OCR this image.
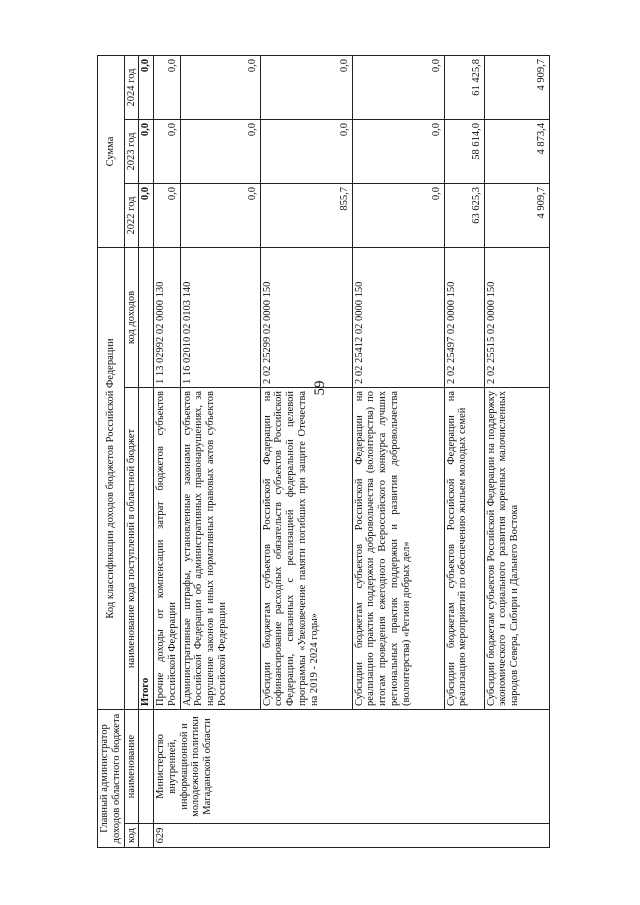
59
Главный администратор доходов областного бюджета		Код классификации доходов бюджетов Российской Федерации		Сумма		
код	наименование	наименование кода поступлений в областной бюджет	код доходов	2022 год	2023 год	2024 год
		Итого		0,0	0,0	0,0
629	Министерство внутренней, информационной и молодежной политики Магаданской области	Прочие доходы от компенсации затрат бюджетов субъектов Российской Федерации	1 13 02992 02 0000 130	0,0	0,0	0,0
		Административные штрафы, установленные законами субъектов Российской Федерации об административных правонарушениях, за нарушение законов и иных нормативных правовых актов субъектов Российской Федерации	1 16 02010 02 0103 140	0,0	0,0	0,0
		Субсидии бюджетам субъектов Российской Федерации на софинансирование расходных обязательств субъектов Российской Федерации, связанных с реализацией федеральной целевой программы «Увековечение памяти погибших при защите Отечества на 2019 - 2024 годы»	2 02 25299 02 0000 150	855,7	0,0	0,0
		Субсидии бюджетам субъектов Российской Федерации на реализацию практик поддержки добровольчества (волонтерства) по итогам проведения ежегодного Всероссийского конкурса лучших региональных практик поддержки и развития добровольчества (волонтерства) «Регион добрых дел»	2 02 25412 02 0000 150	0,0	0,0	0,0
		Субсидии бюджетам субъектов Российской Федерации на реализацию мероприятий по обеспечению жильем молодых семей	2 02 25497 02 0000 150	63 625,3	58 614,0	61 425,8
		Субсидии бюджетам субъектов Российской Федерации на поддержку экономического и социального развития коренных малочисленных народов Севера, Сибири и Дальнего Востока	2 02 25515 02 0000 150	4 909,7	4 873,4	4 909,7
